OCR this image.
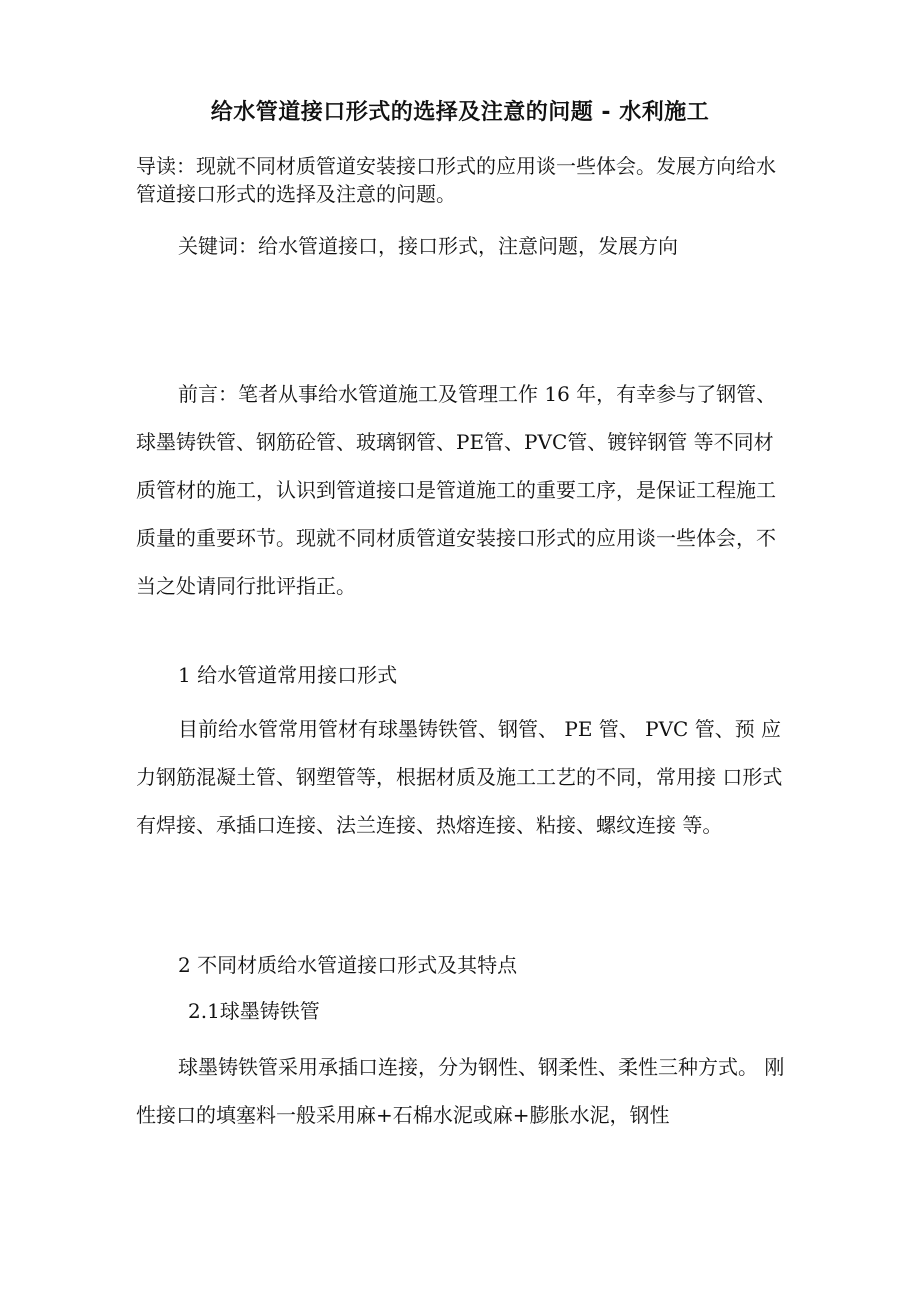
给水管道接口形式的选择及注意的问题 - 水利施工

导读：现就不同材质管道安装接口形式的应用谈一些体会。发展方向给水管道接口形式的选择及注意的问题。

关键词：给水管道接口，接口形式，注意问题，发展方向

前言：笔者从事给水管道施工及管理工作 16 年，有幸参与了钢管、球墨铸铁管、钢筋砼管、玻璃钢管、PE管、PVC管、镀锌钢管 等不同材质管材的施工，认识到管道接口是管道施工的重要工序，是保证工程施工质量的重要环节。现就不同材质管道安装接口形式的应用谈一些体会，不当之处请同行批评指正。

1 给水管道常用接口形式

目前给水管常用管材有球墨铸铁管、钢管、 PE 管、 PVC 管、预 应力钢筋混凝土管、钢塑管等，根据材质及施工工艺的不同，常用接 口形式有焊接、承插口连接、法兰连接、热熔连接、粘接、螺纹连接 等。

2 不同材质给水管道接口形式及其特点

2.1球墨铸铁管

球墨铸铁管采用承插口连接，分为钢性、钢柔性、柔性三种方式。 刚性接口的填塞料一般采用麻+石棉水泥或麻+膨胀水泥，钢性
